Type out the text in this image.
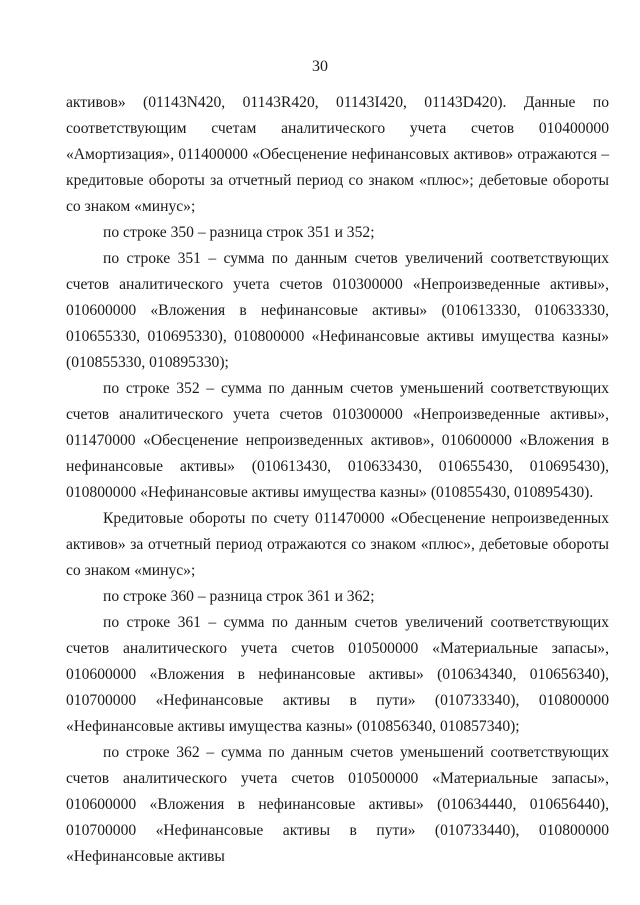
30

активов» (01143N420, 01143R420, 01143I420, 01143D420). Данные по соответствующим счетам аналитического учета счетов 010400000 «Амортизация», 011400000 «Обесценение нефинансовых активов» отражаются – кредитовые обороты за отчетный период со знаком «плюс»; дебетовые обороты со знаком «минус»;

по строке 350 – разница строк 351 и 352;

по строке 351 – сумма по данным счетов увеличений соответствующих счетов аналитического учета счетов 010300000 «Непроизведенные активы», 010600000 «Вложения в нефинансовые активы» (010613330, 010633330, 010655330, 010695330), 010800000 «Нефинансовые активы имущества казны» (010855330, 010895330);

по строке 352 – сумма по данным счетов уменьшений соответствующих счетов аналитического учета счетов 010300000 «Непроизведенные активы», 011470000 «Обесценение непроизведенных активов», 010600000 «Вложения в нефинансовые активы» (010613430, 010633430, 010655430, 010695430), 010800000 «Нефинансовые активы имущества казны» (010855430, 010895430).

Кредитовые обороты по счету 011470000 «Обесценение непроизведенных активов» за отчетный период отражаются со знаком «плюс», дебетовые обороты со знаком «минус»;

по строке 360 – разница строк 361 и 362;

по строке 361 – сумма по данным счетов увеличений соответствующих счетов аналитического учета счетов 010500000 «Материальные запасы», 010600000 «Вложения в нефинансовые активы» (010634340, 010656340), 010700000 «Нефинансовые активы в пути» (010733340), 010800000 «Нефинансовые активы имущества казны» (010856340, 010857340);

по строке 362 – сумма по данным счетов уменьшений соответствующих счетов аналитического учета счетов 010500000 «Материальные запасы», 010600000 «Вложения в нефинансовые активы» (010634440, 010656440), 010700000 «Нефинансовые активы в пути» (010733440), 010800000 «Нефинансовые активы
